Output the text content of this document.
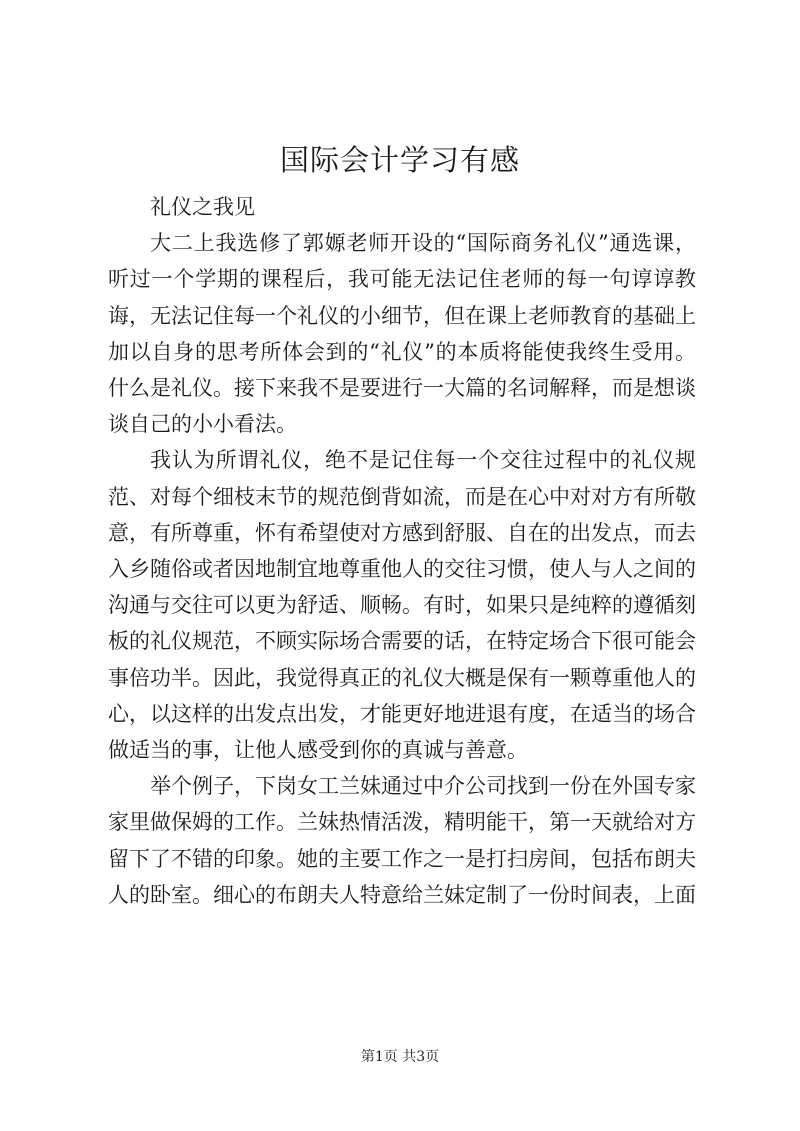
国际会计学习有感

礼仪之我见

大二上我选修了郭嫄老师开设的“国际商务礼仪”通选课，听过一个学期的课程后，我可能无法记住老师的每一句谆谆教诲，无法记住每一个礼仪的小细节，但在课上老师教育的基础上加以自身的思考所体会到的“礼仪”的本质将能使我终生受用。什么是礼仪。接下来我不是要进行一大篇的名词解释，而是想谈谈自己的小小看法。

我认为所谓礼仪，绝不是记住每一个交往过程中的礼仪规范、对每个细枝末节的规范倒背如流，而是在心中对对方有所敬意，有所尊重，怀有希望使对方感到舒服、自在的出发点，而去入乡随俗或者因地制宜地尊重他人的交往习惯，使人与人之间的沟通与交往可以更为舒适、顺畅。有时，如果只是纯粹的遵循刻板的礼仪规范，不顾实际场合需要的话，在特定场合下很可能会事倍功半。因此，我觉得真正的礼仪大概是保有一颗尊重他人的心，以这样的出发点出发，才能更好地进退有度，在适当的场合做适当的事，让他人感受到你的真诚与善意。

举个例子，下岗女工兰妹通过中介公司找到一份在外国专家家里做保姆的工作。兰妹热情活泼，精明能干，第一天就给对方留下了不错的印象。她的主要工作之一是打扫房间，包括布朗夫人的卧室。细心的布朗夫人特意给兰妹定制了一份时间表，上面

第1页 共3页
